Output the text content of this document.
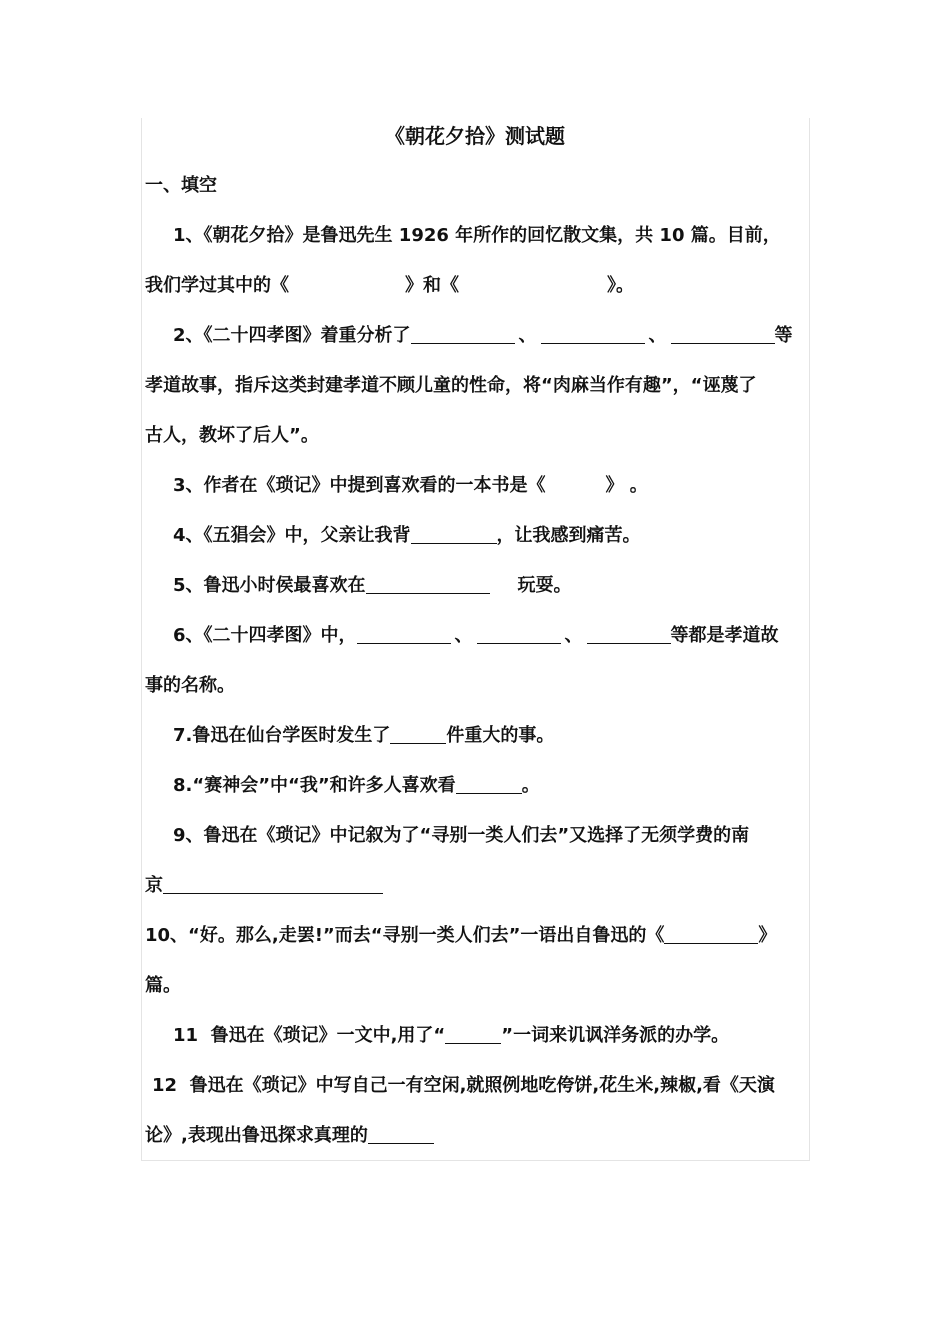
《朝花夕拾》测试题
一、填空
1、《朝花夕拾》是鲁迅先生 1926 年所作的回忆散文集，共 10 篇。目前，
我们学过其中的《	》和《	》。
2、《二十四孝图》着重分析了	、	、	等
孝道故事，指斥这类封建孝道不顾儿童的性命，将“肉麻当作有趣”，“诬蔑了
古人，教坏了后人”。
3、作者在《琐记》中提到喜欢看的一本书是《	》 。
4、《五猖会》中，父亲让我背	，让我感到痛苦。
5、鲁迅小时侯最喜欢在	玩耍。
6、《二十四孝图》中，	、	、	等都是孝道故
事的名称。
7.鲁迅在仙台学医时发生了	件重大的事。
8.“赛神会”中“我”和许多人喜欢看	。
9、鲁迅在《琐记》中记叙为了“寻别一类人们去”又选择了无须学费的南
京
10、“好。那么,走罢!”而去“寻别一类人们去”一语出自鲁迅的《	》
篇。
11  鲁迅在《琐记》一文中,用了“	”一词来讥讽洋务派的办学。
12  鲁迅在《琐记》中写自己一有空闲,就照例地吃侉饼,花生米,辣椒,看《天演
论》,表现出鲁迅探求真理的
